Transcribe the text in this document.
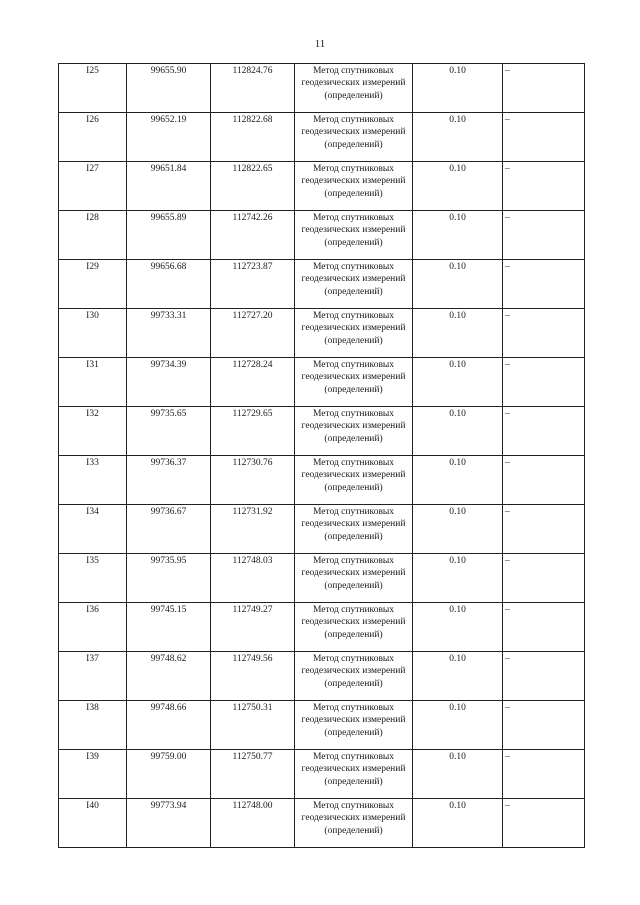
11
I25	99655.90	112824.76	Метод спутниковых геодезических измерений (определений)	0.10	–
I26	99652.19	112822.68	Метод спутниковых геодезических измерений (определений)	0.10	–
I27	99651.84	112822.65	Метод спутниковых геодезических измерений (определений)	0.10	–
I28	99655.89	112742.26	Метод спутниковых геодезических измерений (определений)	0.10	–
I29	99656.68	112723.87	Метод спутниковых геодезических измерений (определений)	0.10	–
I30	99733.31	112727.20	Метод спутниковых геодезических измерений (определений)	0.10	–
I31	99734.39	112728.24	Метод спутниковых геодезических измерений (определений)	0.10	–
I32	99735.65	112729.65	Метод спутниковых геодезических измерений (определений)	0.10	–
I33	99736.37	112730.76	Метод спутниковых геодезических измерений (определений)	0.10	–
I34	99736.67	112731.92	Метод спутниковых геодезических измерений (определений)	0.10	–
I35	99735.95	112748.03	Метод спутниковых геодезических измерений (определений)	0.10	–
I36	99745.15	112749.27	Метод спутниковых геодезических измерений (определений)	0.10	–
I37	99748.62	112749.56	Метод спутниковых геодезических измерений (определений)	0.10	–
I38	99748.66	112750.31	Метод спутниковых геодезических измерений (определений)	0.10	–
I39	99759.00	112750.77	Метод спутниковых геодезических измерений (определений)	0.10	–
I40	99773.94	112748.00	Метод спутниковых геодезических измерений (определений)	0.10	–
